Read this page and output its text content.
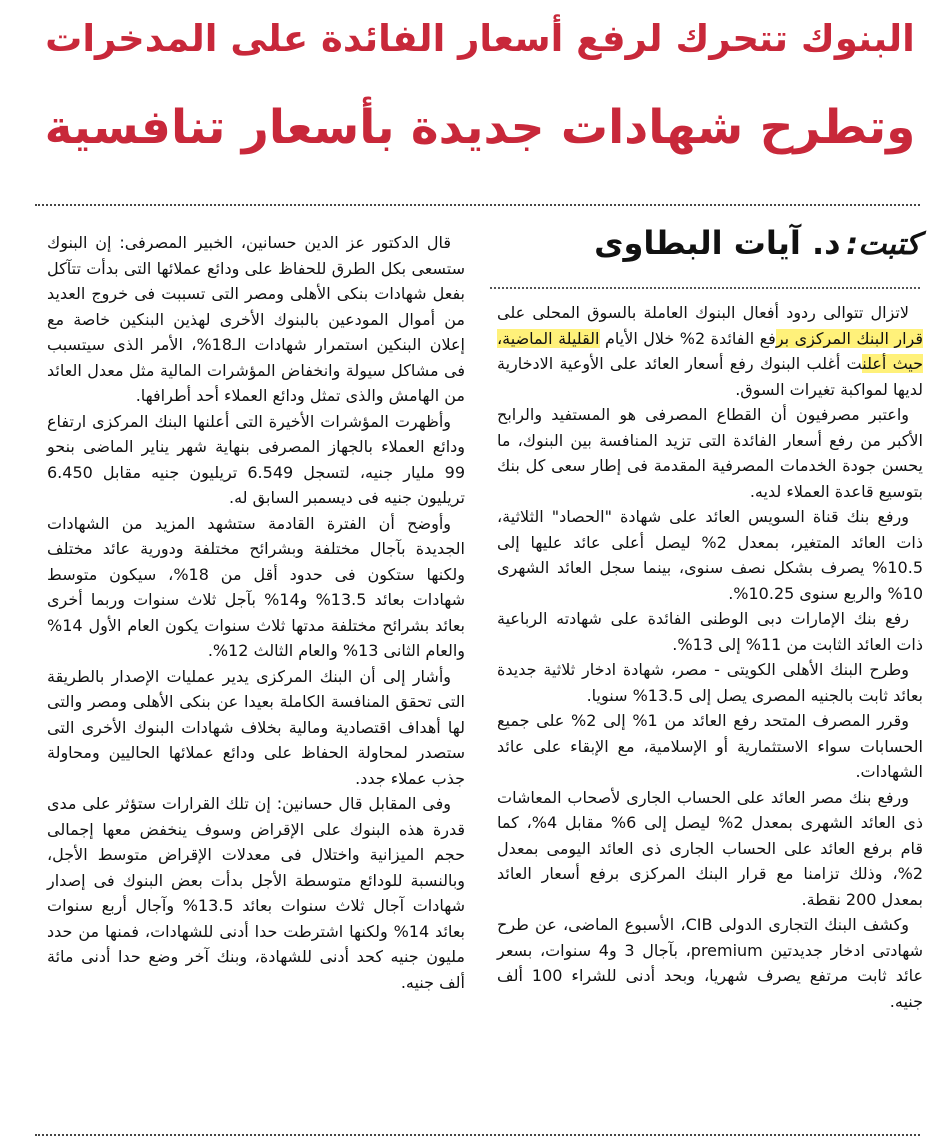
البنوك تتحرك لرفع أسعار الفائدة على المدخرات
وتطرح شهادات جديدة بأسعار تنافسية
كتبت: د. آيات البطاوى

لاتزال تتوالى ردود أفعال البنوك العاملة بالسوق المحلى على قرار البنك المركزى برفع الفائدة 2% خلال الأيام القليلة الماضية، حيث أعلنت أغلب البنوك رفع أسعار العائد على الأوعية الادخارية لديها لمواكبة تغيرات السوق.

واعتبر مصرفيون أن القطاع المصرفى هو المستفيد والرابح الأكبر من رفع أسعار الفائدة التى تزيد المنافسة بين البنوك، ما يحسن جودة الخدمات المصرفية المقدمة فى إطار سعى كل بنك بتوسيع قاعدة العملاء لديه.

ورفع بنك قناة السويس العائد على شهادة "الحصاد" الثلاثية، ذات العائد المتغير، بمعدل 2% ليصل أعلى عائد عليها إلى 10.5% يصرف بشكل نصف سنوى، بينما سجل العائد الشهرى 10% والربع سنوى 10.25%.

رفع بنك الإمارات دبى الوطنى الفائدة على شهادته الرباعية ذات العائد الثابت من 11% إلى 13%.

وطرح البنك الأهلى الكويتى - مصر، شهادة ادخار ثلاثية جديدة بعائد ثابت بالجنيه المصرى يصل إلى 13.5% سنويا.

وقرر المصرف المتحد رفع العائد من 1% إلى 2% على جميع الحسابات سواء الاستثمارية أو الإسلامية، مع الإبقاء على عائد الشهادات.

ورفع بنك مصر العائد على الحساب الجارى لأصحاب المعاشات ذى العائد الشهرى بمعدل 2% ليصل إلى 6% مقابل 4%، كما قام برفع العائد على الحساب الجارى ذى العائد اليومى بمعدل 2%، وذلك تزامنا مع قرار البنك المركزى برفع أسعار العائد بمعدل 200 نقطة.

وكشف البنك التجارى الدولى CIB، الأسبوع الماضى، عن طرح شهادتى ادخار جديدتين premium، بآجال 3 و4 سنوات، بسعر عائد ثابت مرتفع يصرف شهريا، وبحد أدنى للشراء 100 ألف جنيه.

قال الدكتور عز الدين حسانين، الخبير المصرفى: إن البنوك ستسعى بكل الطرق للحفاظ على ودائع عملائها التى بدأت تتآكل بفعل شهادات بنكى الأهلى ومصر التى تسببت فى خروج العديد من أموال المودعين بالبنوك الأخرى لهذين البنكين خاصة مع إعلان البنكين استمرار شهادات الـ18%، الأمر الذى سيتسبب فى مشاكل سيولة وانخفاض المؤشرات المالية مثل معدل العائد من الهامش والذى تمثل ودائع العملاء أحد أطرافها.

وأظهرت المؤشرات الأخيرة التى أعلنها البنك المركزى ارتفاع ودائع العملاء بالجهاز المصرفى بنهاية شهر يناير الماضى بنحو 99 مليار جنيه، لتسجل 6.549 تريليون جنيه مقابل 6.450 تريليون جنيه فى ديسمبر السابق له.

وأوضح أن الفترة القادمة ستشهد المزيد من الشهادات الجديدة بآجال مختلفة وبشرائح مختلفة ودورية عائد مختلف ولكنها ستكون فى حدود أقل من 18%، سيكون متوسط شهادات بعائد 13.5% و14% بآجل ثلاث سنوات وربما أخرى بعائد بشرائح مختلفة مدتها ثلاث سنوات يكون العام الأول 14% والعام الثانى 13% والعام الثالث 12%.

وأشار إلى أن البنك المركزى يدير عمليات الإصدار بالطريقة التى تحقق المنافسة الكاملة بعيدا عن بنكى الأهلى ومصر والتى لها أهداف اقتصادية ومالية بخلاف شهادات البنوك الأخرى التى ستصدر لمحاولة الحفاظ على ودائع عملائها الحاليين ومحاولة جذب عملاء جدد.

وفى المقابل قال حسانين: إن تلك القرارات ستؤثر على مدى قدرة هذه البنوك على الإقراض وسوف ينخفض معها إجمالى حجم الميزانية واختلال فى معدلات الإقراض متوسط الأجل، وبالنسبة للودائع متوسطة الأجل بدأت بعض البنوك فى إصدار شهادات آجال ثلاث سنوات بعائد 13.5% وآجال أربع سنوات بعائد 14% ولكنها اشترطت حدا أدنى للشهادات، فمنها من حدد مليون جنيه كحد أدنى للشهادة، وبنك آخر وضع حدا أدنى مائة ألف جنيه.
